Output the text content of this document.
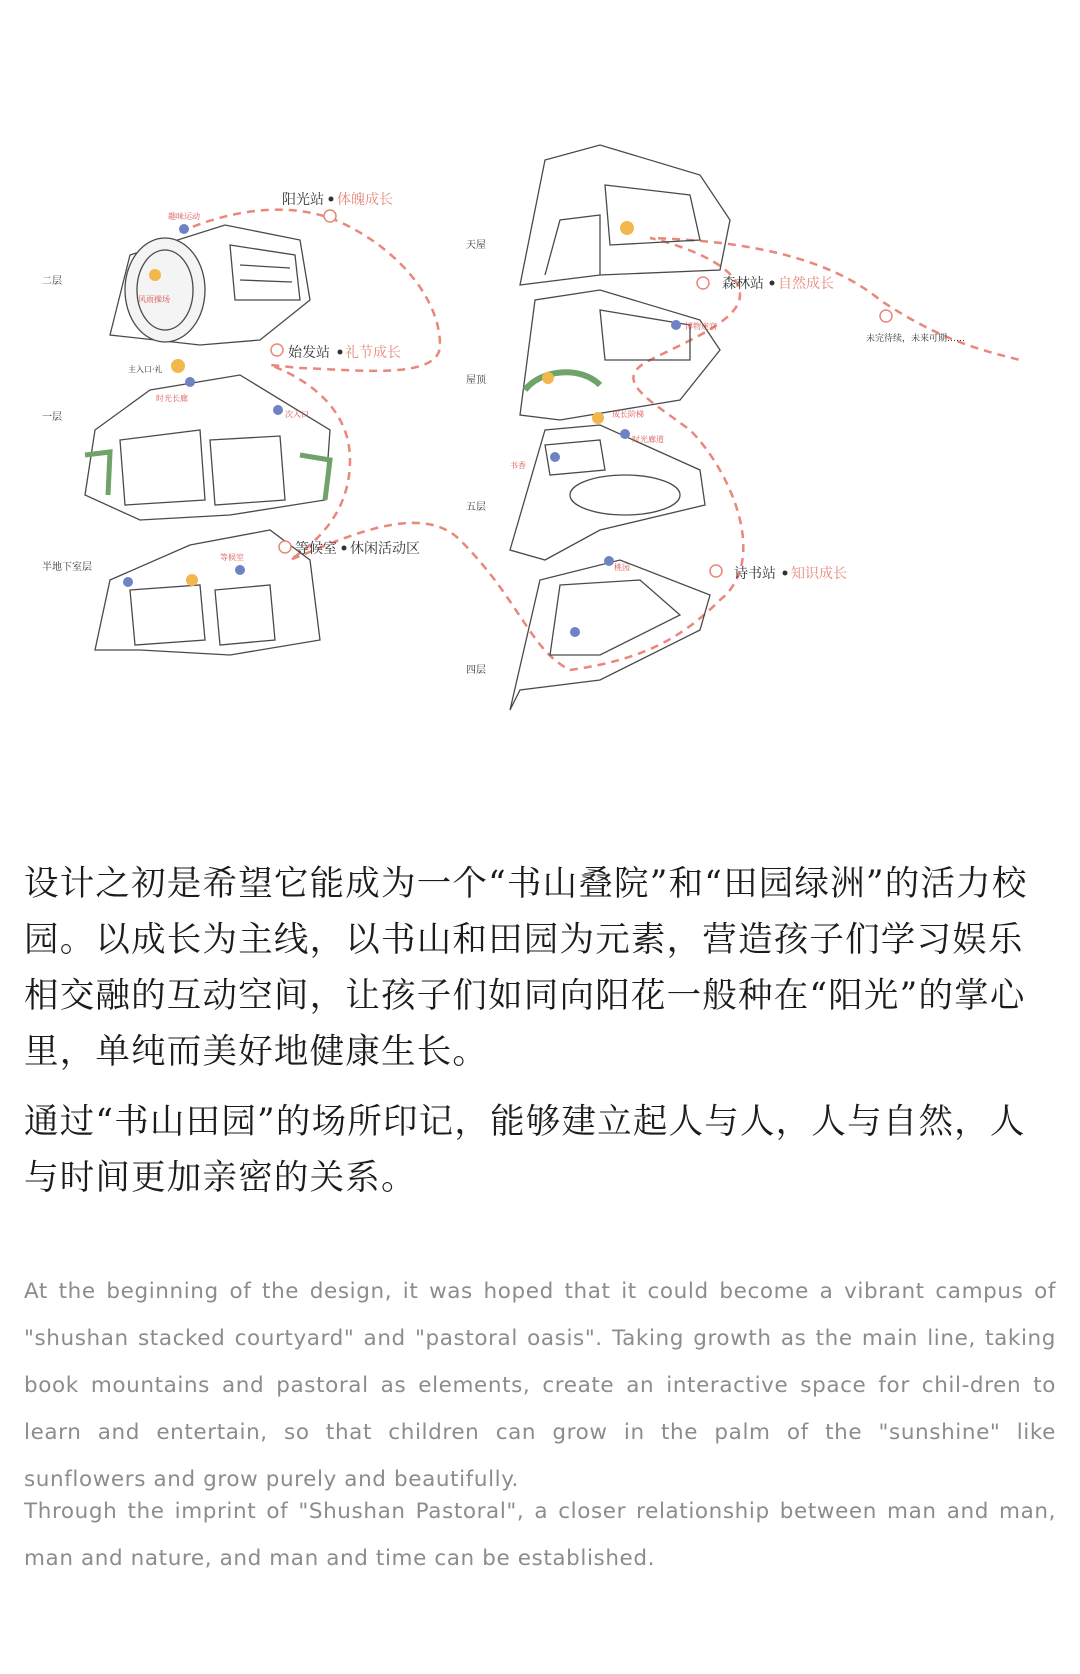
二层
一层
半地下室层
天屋
屋顶
五层
四层
阳光站 体魄成长
始发站 礼节成长
等候室 休闲活动区
森林站 自然成长
诗书站 知识成长
未完待续，未来可期……
趣味运动
风雨操场
主入口·礼
时光长廊
次入口
等候室
成长阶梯
时光廊道
书香
博物迷宫
桃园

设计之初是希望它能成为一个“书山叠院”和“田园绿洲”的活力校园。以成长为主线，以书山和田园为元素，营造孩子们学习娱乐相交融的互动空间，让孩子们如同向阳花一般种在“阳光”的掌心里，单纯而美好地健康生长。

通过“书山田园”的场所印记，能够建立起人与人，人与自然，人与时间更加亲密的关系。

At the beginning of the design, it was hoped that it could become a vibrant campus of "shushan stacked courtyard" and "pastoral oasis". Taking growth as the main line, taking book mountains and pastoral as elements, create an interactive space for chil-dren to learn and entertain, so that children can grow in the palm of the "sunshine" like sunflowers and grow purely and beautifully.

Through the imprint of "Shushan Pastoral", a closer relationship between man and man, man and nature, and man and time can be established.
